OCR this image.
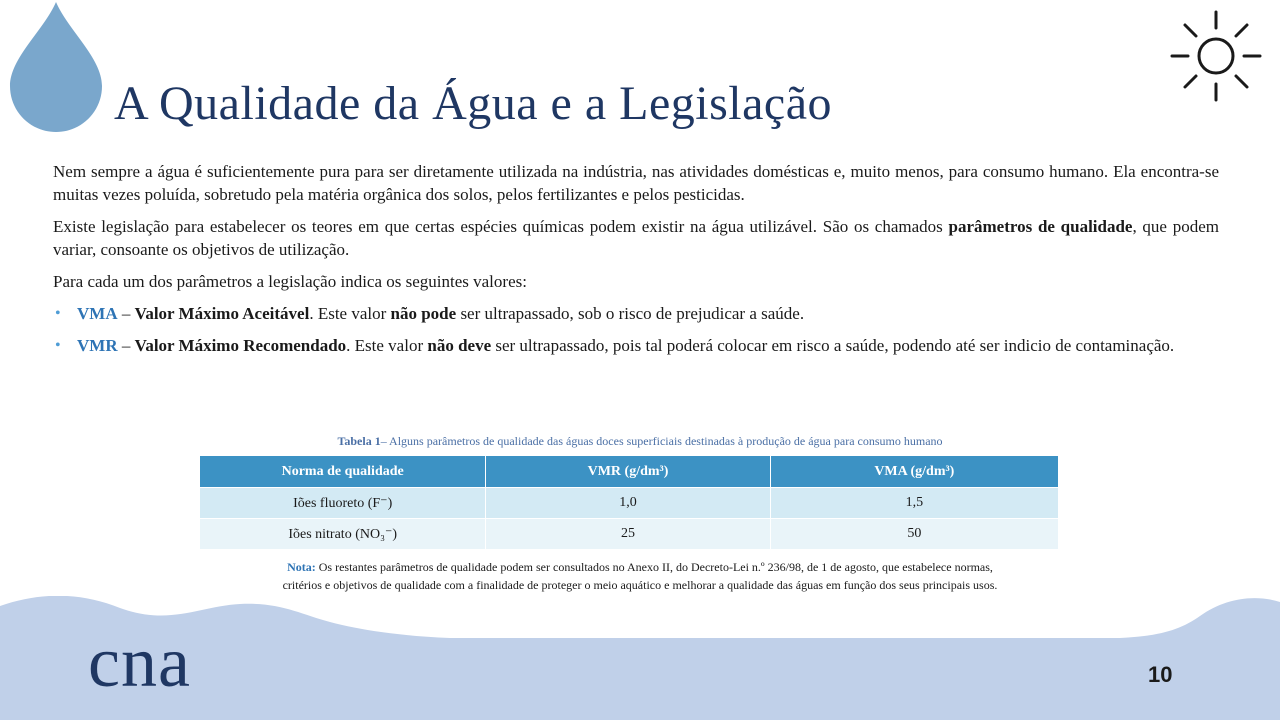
A Qualidade da Água e a Legislação

Nem sempre a água é suficientemente pura para ser diretamente utilizada na indústria, nas atividades domésticas e, muito menos, para consumo humano. Ela encontra-se muitas vezes poluída, sobretudo pela matéria orgânica dos solos, pelos fertilizantes e pelos pesticidas.

Existe legislação para estabelecer os teores em que certas espécies químicas podem existir na água utilizável. São os chamados parâmetros de qualidade, que podem variar, consoante os objetivos de utilização.

Para cada um dos parâmetros a legislação indica os seguintes valores:

• VMA – Valor Máximo Aceitável. Este valor não pode ser ultrapassado, sob o risco de prejudicar a saúde.
• VMR – Valor Máximo Recomendado. Este valor não deve ser ultrapassado, pois tal poderá colocar em risco a saúde, podendo até ser indicio de contaminação.
Tabela 1– Alguns parâmetros de qualidade das águas doces superficiais destinadas à produção de água para consumo humano
Norma de qualidade	VMR (g/dm³)	VMA (g/dm³)
Iões fluoreto (F⁻)	1,0	1,5
Iões nitrato (NO₃⁻)	25	50
Nota: Os restantes parâmetros de qualidade podem ser consultados no Anexo II, do Decreto-Lei n.º 236/98, de 1 de agosto, que estabelece normas,
critérios e objetivos de qualidade com a finalidade de proteger o meio aquático e melhorar a qualidade das águas em função dos seus principais usos.
cna	10
